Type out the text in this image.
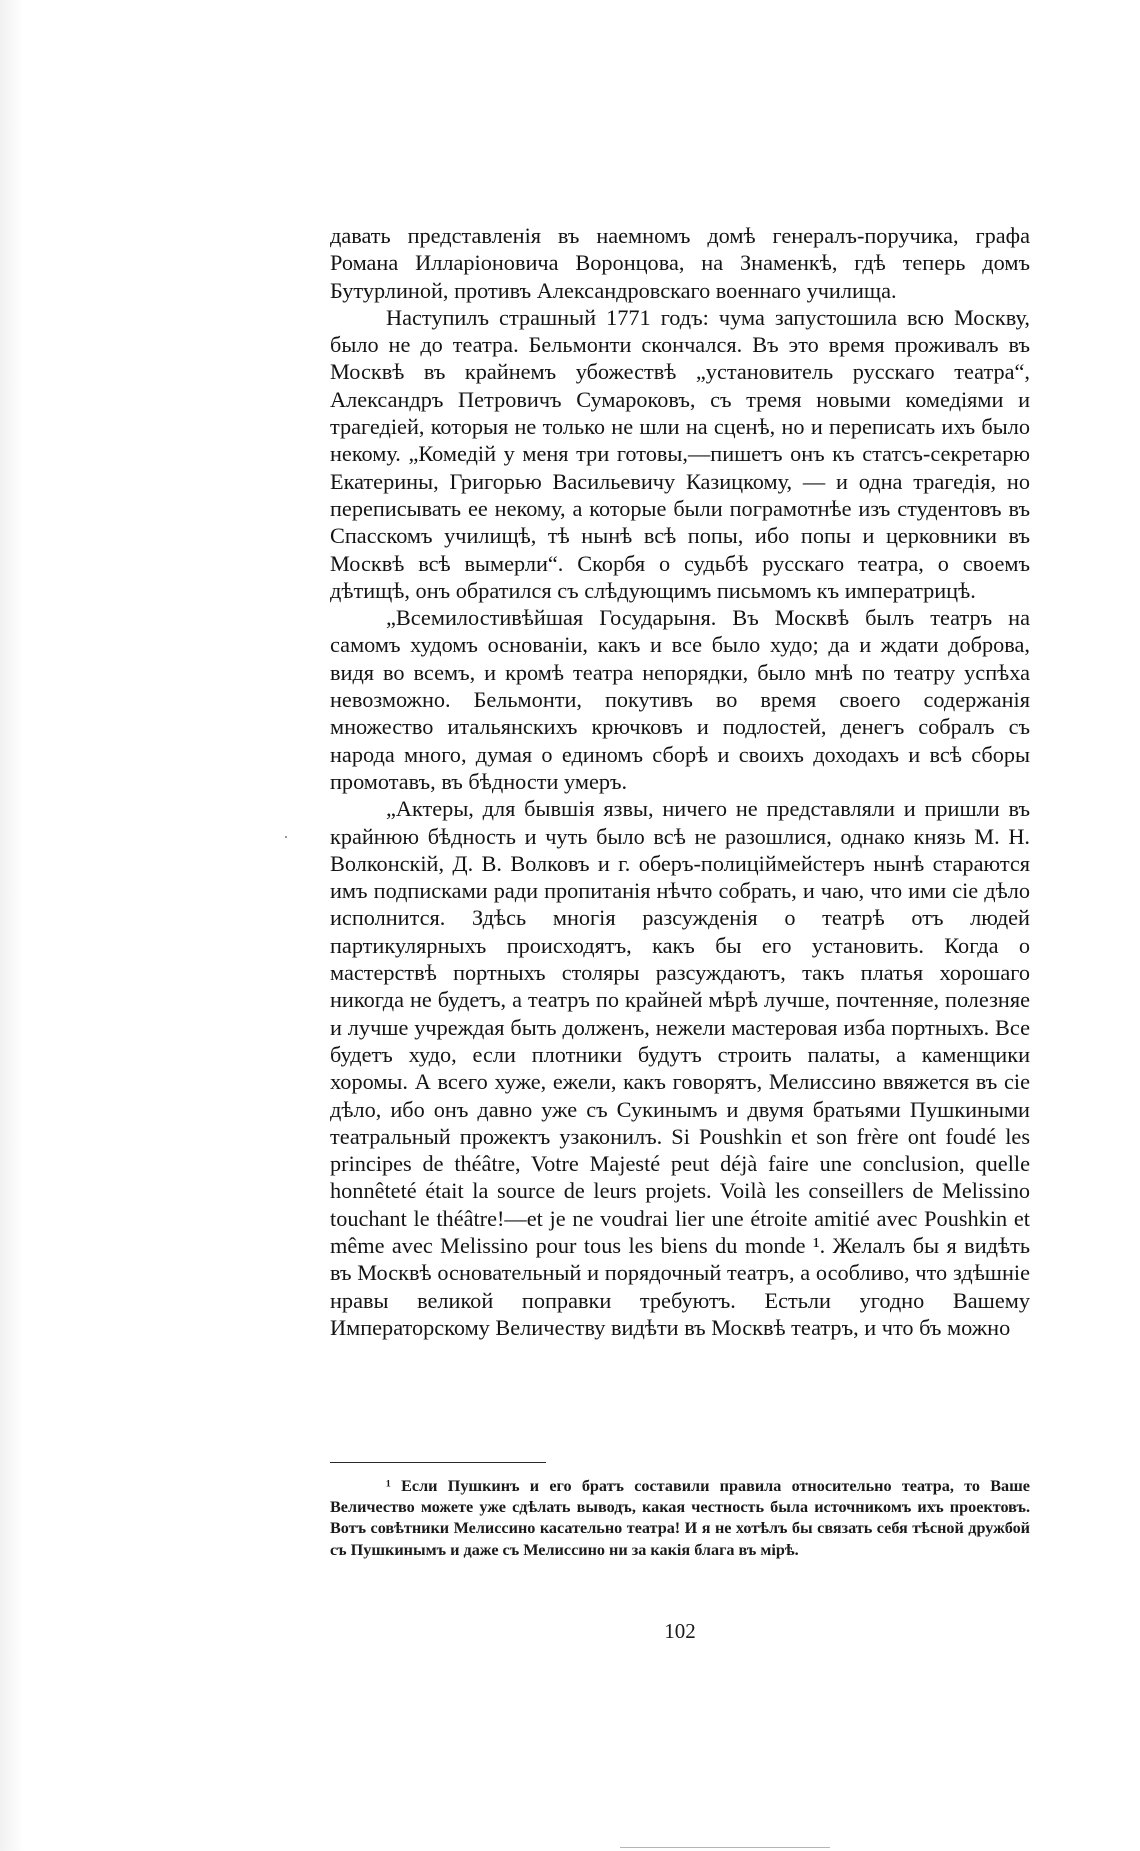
давать представленія въ наемномъ домѣ генералъ-поручика, графа Романа Илларіоновича Воронцова, на Знаменкѣ, гдѣ теперь домъ Бутурлиной, противъ Александровскаго военнаго училища.

Наступилъ страшный 1771 годъ: чума запустошила всю Москву, было не до театра. Бельмонти скончался. Въ это время проживалъ въ Москвѣ въ крайнемъ убожествѣ „установитель русскаго театра“, Александръ Петровичъ Сумароковъ, съ тремя новыми комедіями и трагедіей, которыя не только не шли на сценѣ, но и переписать ихъ было некому. „Комедій у меня три готовы,—пишетъ онъ къ статсъ-секретарю Екатерины, Григорью Васильевичу Казицкому, — и одна трагедія, но переписывать ее некому, а которые были пограмотнѣе изъ студентовъ въ Спасскомъ училищѣ, тѣ нынѣ всѣ попы, ибо попы и церковники въ Москвѣ всѣ вымерли“. Скорбя о судьбѣ русскаго театра, о своемъ дѣтищѣ, онъ обратился съ слѣдующимъ письмомъ къ императрицѣ.

„Всемилостивѣйшая Государыня. Въ Москвѣ былъ театръ на самомъ худомъ основаніи, какъ и все было худо; да и ждати доброва, видя во всемъ, и кромѣ театра непорядки, было мнѣ по театру успѣха невозможно. Бельмонти, покутивъ во время своего содержанія множество итальянскихъ крючковъ и подлостей, денегъ собралъ съ народа много, думая о единомъ сборѣ и своихъ доходахъ и всѣ сборы промотавъ, въ бѣдности умеръ.

„Актеры, для бывшія язвы, ничего не представляли и пришли въ крайнюю бѣдность и чуть было всѣ не разошлися, однако князь М. Н. Волконскій, Д. В. Волковъ и г. оберъ-полиціймейстеръ нынѣ стараются имъ подписками ради пропитанія нѣчто собрать, и чаю, что ими сіе дѣло исполнится. Здѣсь многія разсужденія о театрѣ отъ людей партикулярныхъ происходятъ, какъ бы его установить. Когда о мастерствѣ портныхъ столяры разсуждаютъ, такъ платья хорошаго никогда не будетъ, а театръ по крайней мѣрѣ лучше, почтенняе, полезняе и лучше учреждая быть долженъ, нежели мастеровая изба портныхъ. Все будетъ худо, если плотники будутъ строить палаты, а каменщики хоромы. А всего хуже, ежели, какъ говорятъ, Мелиссино ввяжется въ сіе дѣло, ибо онъ давно уже съ Сукинымъ и двумя братьями Пушкиными театральный прожектъ узаконилъ. Si Poushkin et son frère ont foudé les principes de théâtre, Votre Majesté peut déjà faire une conclusion, quelle honnêteté était la source de leurs projets. Voilà les conseillers de Melissino touchant le théâtre!—et je ne voudrai lier une étroite amitié avec Poushkin et même avec Melissino pour tous les biens du monde ¹. Желалъ бы я видѣть въ Москвѣ основательный и порядочный театръ, а особливо, что здѣшніе нравы великой поправки требуютъ. Естьли угодно Вашему Императорскому Величеству видѣти въ Москвѣ театръ, и что бъ можно

¹ Если Пушкинъ и его братъ составили правила относительно театра, то Ваше Величество можете уже сдѣлать выводъ, какая честность была источникомъ ихъ проектовъ. Вотъ совѣтники Мелиссино касательно театра! И я не хотѣлъ бы связать себя тѣсной дружбой съ Пушкинымъ и даже съ Мелиссино ни за какія блага въ мірѣ.
102
